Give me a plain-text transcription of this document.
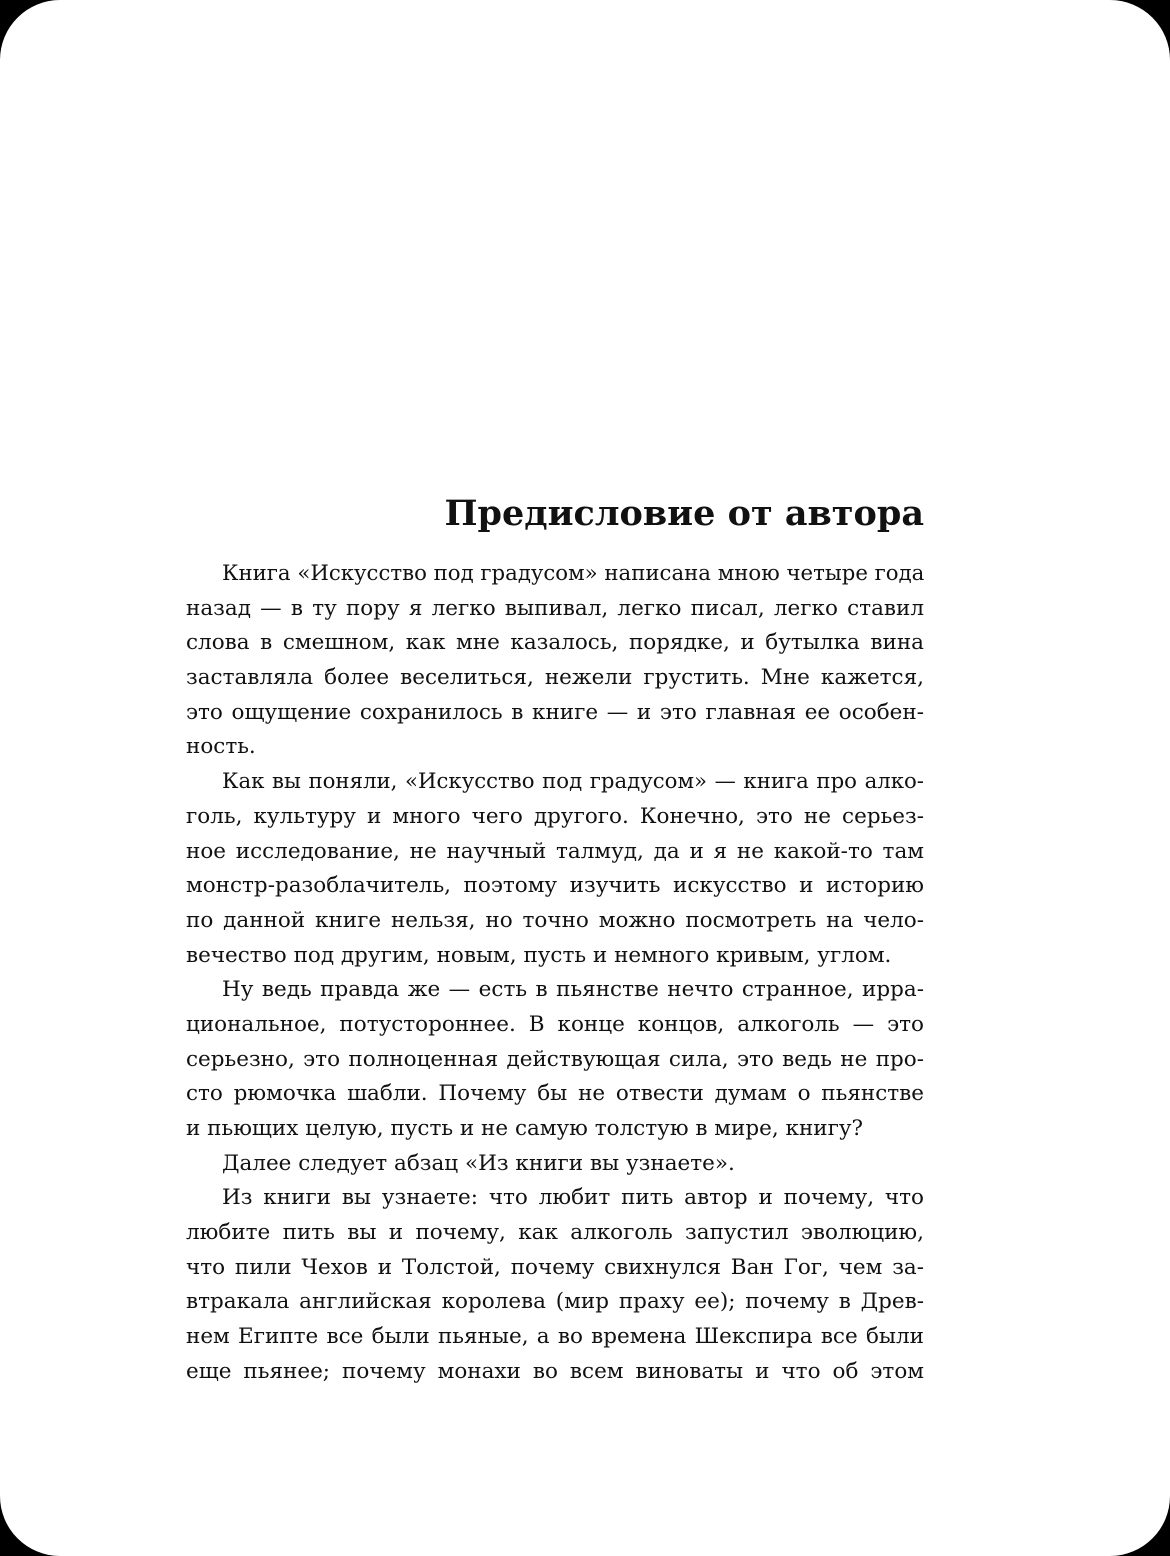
Предисловие от автора
Книга «Искусство под градусом» написана мною четыре года
назад — в ту пору я легко выпивал, легко писал, легко ставил
слова в смешном, как мне казалось, порядке, и бутылка вина
заставляла более веселиться, нежели грустить. Мне кажется,
это ощущение сохранилось в книге — и это главная ее особен-
ность.
Как вы поняли, «Искусство под градусом» — книга про алко-
голь, культуру и много чего другого. Конечно, это не серьез-
ное исследование, не научный талмуд, да и я не какой-то там
монстр-разоблачитель, поэтому изучить искусство и историю
по данной книге нельзя, но точно можно посмотреть на чело-
вечество под другим, новым, пусть и немного кривым, углом.
Ну ведь правда же — есть в пьянстве нечто странное, ирра-
циональное, потустороннее. В конце концов, алкоголь — это
серьезно, это полноценная действующая сила, это ведь не про-
сто рюмочка шабли. Почему бы не отвести думам о пьянстве
и пьющих целую, пусть и не самую толстую в мире, книгу?
Далее следует абзац «Из книги вы узнаете».
Из книги вы узнаете: что любит пить автор и почему, что
любите пить вы и почему, как алкоголь запустил эволюцию,
что пили Чехов и Толстой, почему свихнулся Ван Гог, чем за-
втракала английская королева (мир праху ее); почему в Древ-
нем Египте все были пьяные, а во времена Шекспира все были
еще пьянее; почему монахи во всем виноваты и что об этом
